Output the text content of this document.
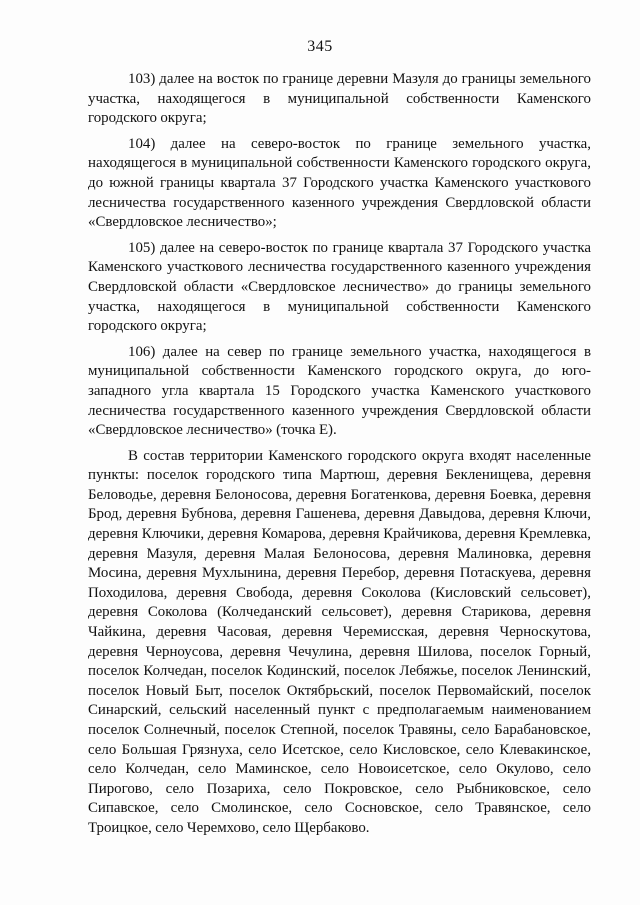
345

103) далее на восток по границе деревни Мазуля до границы земельного участка, находящегося в муниципальной собственности Каменского городского округа;

104) далее на северо-восток по границе земельного участка, находящегося в муниципальной собственности Каменского городского округа, до южной границы квартала 37 Городского участка Каменского участкового лесничества государственного казенного учреждения Свердловской области «Свердловское лесничество»;

105) далее на северо-восток по границе квартала 37 Городского участка Каменского участкового лесничества государственного казенного учреждения Свердловской области «Свердловское лесничество» до границы земельного участка, находящегося в муниципальной собственности Каменского городского округа;

106) далее на север по границе земельного участка, находящегося в муниципальной собственности Каменского городского округа, до юго-западного угла квартала 15 Городского участка Каменского участкового лесничества государственного казенного учреждения Свердловской области «Свердловское лесничество» (точка Е).

В состав территории Каменского городского округа входят населенные пункты: поселок городского типа Мартюш, деревня Бекленищева, деревня Беловодье, деревня Белоносова, деревня Богатенкова, деревня Боевка, деревня Брод, деревня Бубнова, деревня Гашенева, деревня Давыдова, деревня Ключи, деревня Ключики, деревня Комарова, деревня Крайчикова, деревня Кремлевка, деревня Мазуля, деревня Малая Белоносова, деревня Малиновка, деревня Мосина, деревня Мухлынина, деревня Перебор, деревня Потаскуева, деревня Походилова, деревня Свобода, деревня Соколова (Кисловский сельсовет), деревня Соколова (Колчеданский сельсовет), деревня Старикова, деревня Чайкина, деревня Часовая, деревня Черемисская, деревня Черноскутова, деревня Черноусова, деревня Чечулина, деревня Шилова, поселок Горный, поселок Колчедан, поселок Кодинский, поселок Лебяжье, поселок Ленинский, поселок Новый Быт, поселок Октябрьский, поселок Первомайский, поселок Синарский, сельский населенный пункт с предполагаемым наименованием поселок Солнечный, поселок Степной, поселок Травяны, село Барабановское, село Большая Грязнуха, село Исетское, село Кисловское, село Клевакинское, село Колчедан, село Маминское, село Новоисетское, село Окулово, село Пирогово, село Позариха, село Покровское, село Рыбниковское, село Сипавское, село Смолинское, село Сосновское, село Травянское, село Троицкое, село Черемхово, село Щербаково.
